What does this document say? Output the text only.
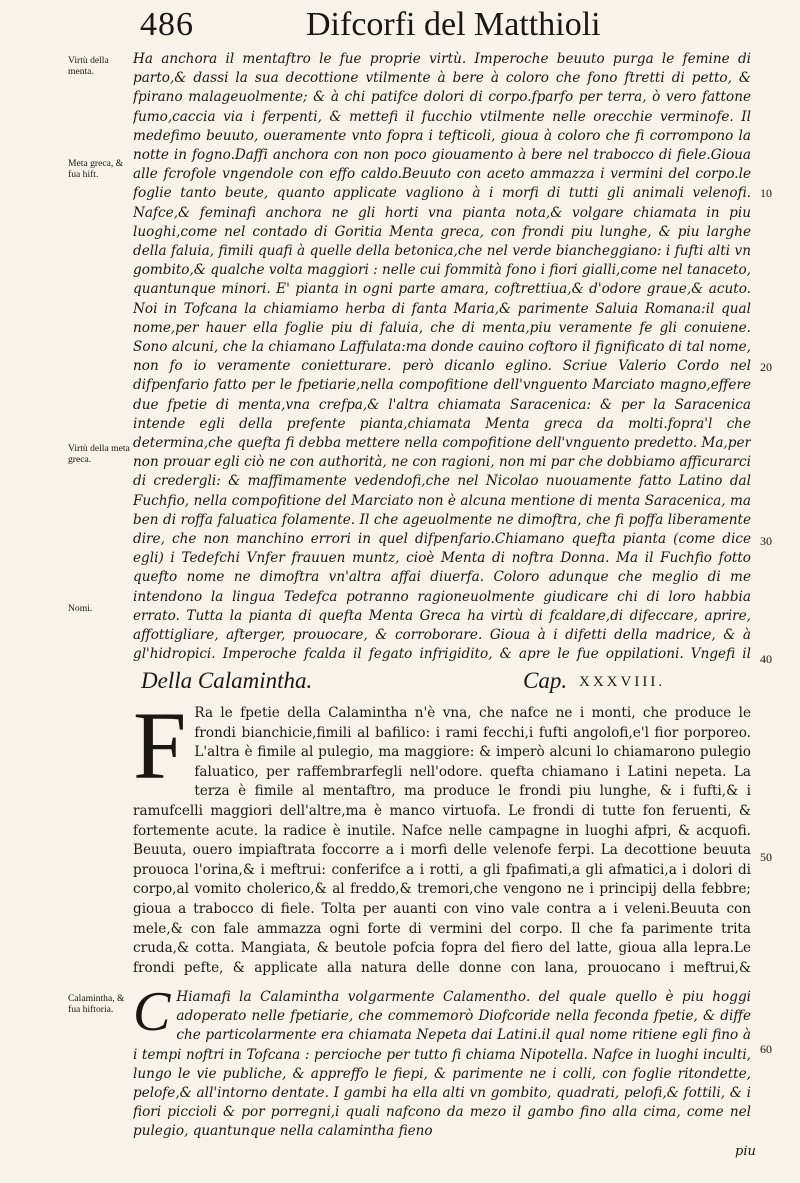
486	Difcorfi del Matthioli
Virtù della menta.
Meta greca, & fua hift.
Virtù della meta greca.
Nomi.
Calamintha, & fua hiftoria.
10
20
30
40
50
60
Ha anchora il mentaftro le fue proprie virtù. Imperoche beuuto purga le femine di parto,& dassi la sua decottione vtilmente à bere à coloro che fono ftretti di petto, & fpirano malageuolmente; & à chi patifce dolori di corpo.fparfo per terra, ò vero fattone fumo,caccia via i ferpenti, & mettefi il fucchio vtilmente nelle orecchie verminofe. Il medefimo beuuto, oueramente vnto fopra i tefticoli, gioua à coloro che fi corrompono la notte in fogno.Daffi anchora con non poco giouamento à bere nel trabocco di fiele.Gioua alle fcrofole vngendole con effo caldo.Beuuto con aceto ammazza i vermini del corpo.le foglie tanto beute, quanto applicate vagliono à i morfi di tutti gli animali velenofi. Nafce,& feminafi anchora ne gli horti vna pianta nota,& volgare chiamata in piu luoghi,come nel contado di Goritia Menta greca, con frondi piu lunghe, & piu larghe della faluia, fimili quafi à quelle della betonica,che nel verde biancheggiano: i fufti alti vn gombito,& qualche volta maggiori : nelle cui fommità fono i fiori gialli,come nel tanaceto, quantunque minori. E' pianta in ogni parte amara, coftrettiua,& d'odore graue,& acuto. Noi in Tofcana la chiamiamo herba di fanta Maria,& parimente Saluia Romana:il qual nome,per hauer ella foglie piu di faluia, che di menta,piu veramente fe gli conuiene. Sono alcuni, che la chiamano Laffulata:ma donde cauino coftoro il fignificato di tal nome, non fo io veramente conietturare. però dicanlo eglino. Scriue Valerio Cordo nel difpenfario fatto per le fpetiarie,nella compofitione dell'vnguento Marciato magno,effere due fpetie di menta,vna crefpa,& l'altra chiamata Saracenica: & per la Saracenica intende egli della prefente pianta,chiamata Menta greca da molti.fopra'l che determina,che quefta fi debba mettere nella compofitione dell'vnguento predetto. Ma,per non prouar egli ciò ne con authorità, ne con ragioni, non mi par che dobbiamo afficurarci di credergli: & maffimamente vedendofi,che nel Nicolao nuouamente fatto Latino dal Fuchfio, nella compofitione del Marciato non è alcuna mentione di menta Saracenica, ma ben di roffa faluatica folamente. Il che ageuolmente ne dimoftra, che fi poffa liberamente dire, che non manchino errori in quel difpenfario.Chiamano quefta pianta (come dice egli) i Tedefchi Vnfer frauuen muntz, cioè Menta di noftra Donna. Ma il Fuchfio fotto quefto nome ne dimoftra vn'altra affai diuerfa. Coloro adunque che meglio di me intendono la lingua Tedefca potranno ragioneuolmente giudicare chi di loro habbia errato. Tutta la pianta di quefta Menta Greca ha virtù di fcaldare,di difeccare, aprire, affottigliare, afterger, prouocare, & corroborare. Gioua à i difetti della madrice, & à gl'hidropici. Imperoche fcalda il fegato infrigidito, & apre le fue oppilationi. Vngefi il
Della Calamintha.	Cap. XXXVIII.
F Ra le fpetie della Calamintha n'è vna, che nafce ne i monti, che produce le frondi bianchicie,fimili al bafilico: i rami fecchi,i fufti angolofi,e'l fior porporeo. L'altra è fimile al pulegio, ma maggiore: & imperò alcuni lo chiamarono pulegio faluatico, per raffembrarfegli nell'odore. quefta chiamano i Latini nepeta. La terza è fimile al mentaftro, ma produce le frondi piu lunghe, & i fufti,& i ramufcelli maggiori dell'altre,ma è manco virtuofa. Le frondi di tutte fon feruenti, & fortemente acute. la radice è inutile. Nafce nelle campagne in luoghi afpri, & acquofi. Beuuta, ouero impiaftrata foccorre a i morfi delle velenofe ferpi. La decottione beuuta prouoca l'orina,& i meftrui: conferifce a i rotti, a gli fpafimati,a gli afmatici,a i dolori di corpo,al vomito cholerico,& al freddo,& tremori,che vengono ne i principij della febbre; gioua a trabocco di fiele. Tolta per auanti con vino vale contra a i veleni.Beuuta con mele,& con fale ammazza ogni forte di vermini del corpo. Il che fa parimente trita cruda,& cotta. Mangiata, & beutole pofcia fopra del fiero del latte, gioua alla lepra.Le frondi pefte, & applicate alla natura delle donne con lana, prouocano i meftrui,&
C Hiamafi la Calamintha volgarmente Calamenthо. del quale quello è piu hoggi adoperato nelle fpetiarie, che commemorò Diofcoride nella feconda fpetie, & diffe che particolarmente era chiamata Nepeta dai Latini.il qual nome ritiene egli fino à i tempi noftri in Tofcana : percioche per tutto fi chiama Nipotella. Nafce in luoghi inculti, lungo le vie publiche, & appreffo le fiepi, & parimente ne i colli, con foglie ritondette, pelofe,& all'intorno dentate. I gambi ha ella alti vn gombito, quadrati, pelofi,& fottili, & i fiori piccioli & por porregni,i quali nafcono da mezo il gambo fino alla cima, come nel pulegio, quantunque nella calamintha fieno
piu
